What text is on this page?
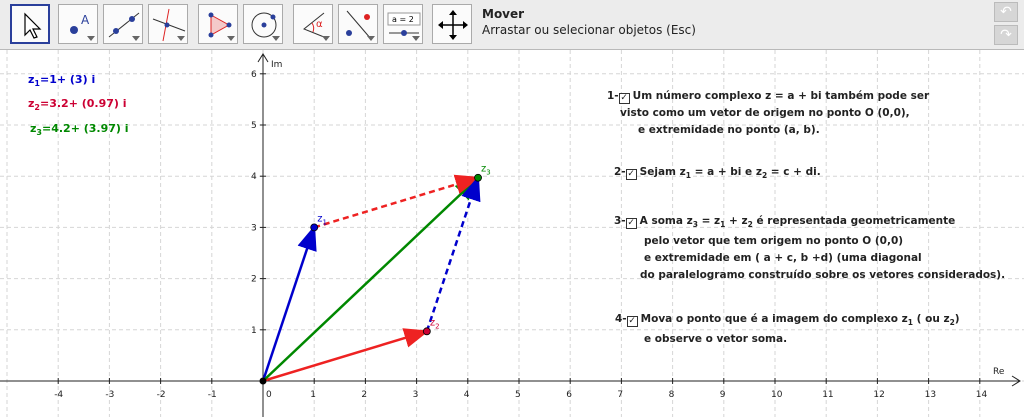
A	α	a = 2	Mover
Arrastar ou selecionar objetos (Esc)
↶
↷
Re
Im
-4	-3	-2	-1	0	1	2	3	4	5	6	7	8	9	10	11	12	13	14
1
2
3
4
5
6
$z_1$
$z_2$
$z_3$
$z_1=1+ (3)$ i
$z_2=3.2+ (0.97)$ i
$z_3=4.2+ (3.97)$ i
1- ✓ Um número complexo z = a + bi também pode ser
visto como um vetor de origem no ponto O (0,0),
e extremidade no ponto (a, b).
2- ✓ Sejam $z_1 = a$ + bi e $z_2 = c$ + di.
3- ✓ A soma $z_3 = z_1 + z_2$ é representada geometricamente
pelo vetor que tem origem no ponto O (0,0)
e extremidade em ( a + c, b +d) (uma diagonal
do paralelogramo construído sobre os vetores considerados).
4- ✓ Mova o ponto que é a imagem do complexo $z_1$ ( ou $z_2$)
e observe o vetor soma.
